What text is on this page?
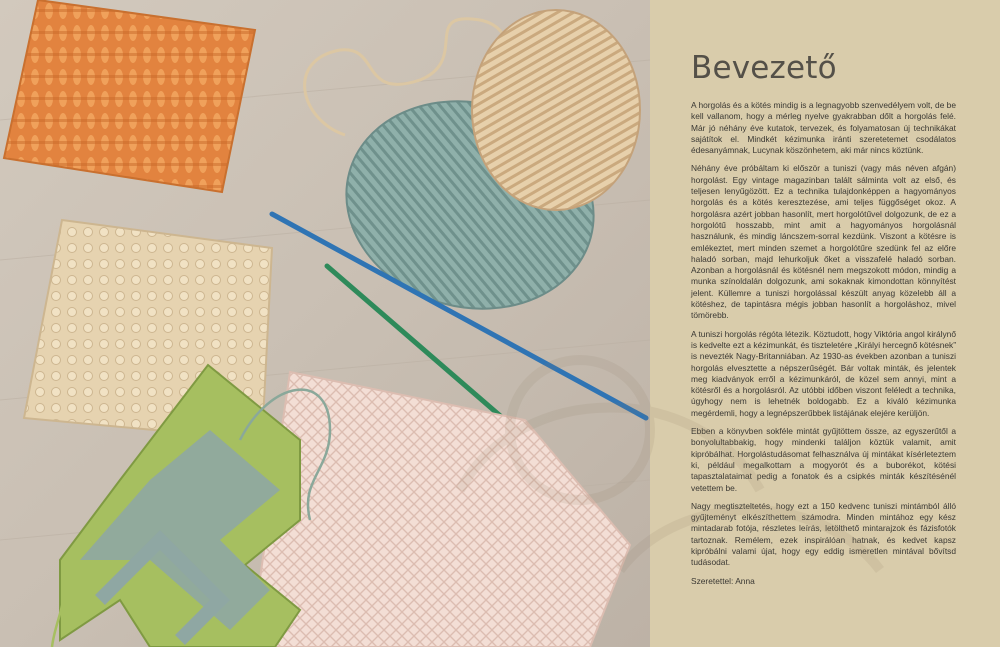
Bevezető

A horgolás és a kötés mindig is a legnagyobb szenvedélyem volt, de be kell vallanom, hogy a mérleg nyelve gyakrabban dőlt a horgolás felé. Már jó néhány éve kutatok, tervezek, és folyamatosan új technikákat sajátítok el. Mindkét kézimunka iránti szeretetemet csodálatos édesanyámnak, Lucynak köszönhetem, aki már nincs köztünk.

Néhány éve próbáltam ki először a tuniszi (vagy más néven afgán) horgolást. Egy vintage magazinban talált sálminta volt az első, és teljesen lenyűgözött. Ez a technika tulajdonképpen a hagyományos horgolás és a kötés keresztezése, ami teljes függőséget okoz. A horgolásra azért jobban hasonlít, mert horgolótűvel dolgozunk, de ez a horgolótű hosszabb, mint amit a hagyományos horgolásnál használunk, és mindig láncszem-sorral kezdünk. Viszont a kötésre is emlékeztet, mert minden szemet a horgolótűre szedünk fel az előre haladó sorban, majd lehurkoljuk őket a visszafelé haladó sorban. Azonban a horgolásnál és kötésnél nem megszokott módon, mindig a munka színoldalán dolgozunk, ami sokaknak kimondottan könnyítést jelent. Küllemre a tuniszi horgolással készült anyag közelebb áll a kötéshez, de tapintásra mégis jobban hasonlít a horgoláshoz, mivel tömörebb.

A tuniszi horgolás régóta létezik. Köztudott, hogy Viktória angol királynő is kedvelte ezt a kézimunkát, és tiszteletére „Királyi hercegnő kötésnek” is nevezték Nagy-Britanniában. Az 1930-as években azonban a tuniszi horgolás elvesztette a népszerűségét. Bár voltak minták, és jelentek meg kiadványok erről a kézimunkáról, de közel sem annyi, mint a kötésről és a horgolásról. Az utóbbi időben viszont feléledt a technika, úgyhogy nem is lehetnék boldogabb. Ez a kiváló kézimunka megérdemli, hogy a legnépszerűbbek listájának elejére kerüljön.

Ebben a könyvben sokféle mintát gyűjtöttem össze, az egyszerűtől a bonyolultabbakig, hogy mindenki találjon köztük valamit, amit kipróbálhat. Horgolástudásomat felhasználva új mintákat kísérleteztem ki, például megalkottam a mogyorót és a buborékot, kötési tapasztalataimat pedig a fonatok és a csipkés minták készítésénél vetettem be.

Nagy megtiszteltetés, hogy ezt a 150 kedvenc tuniszi mintámból álló gyűjteményt elkészíthettem számodra. Minden mintához egy kész mintadarab fotója, részletes leírás, letölthető mintarajzok és fázisfotók tartoznak. Remélem, ezek inspirálóan hatnak, és kedvet kapsz kipróbálni valami újat, hogy egy eddig ismeretlen mintával bővítsd tudásodat.

Szeretettel: Anna
